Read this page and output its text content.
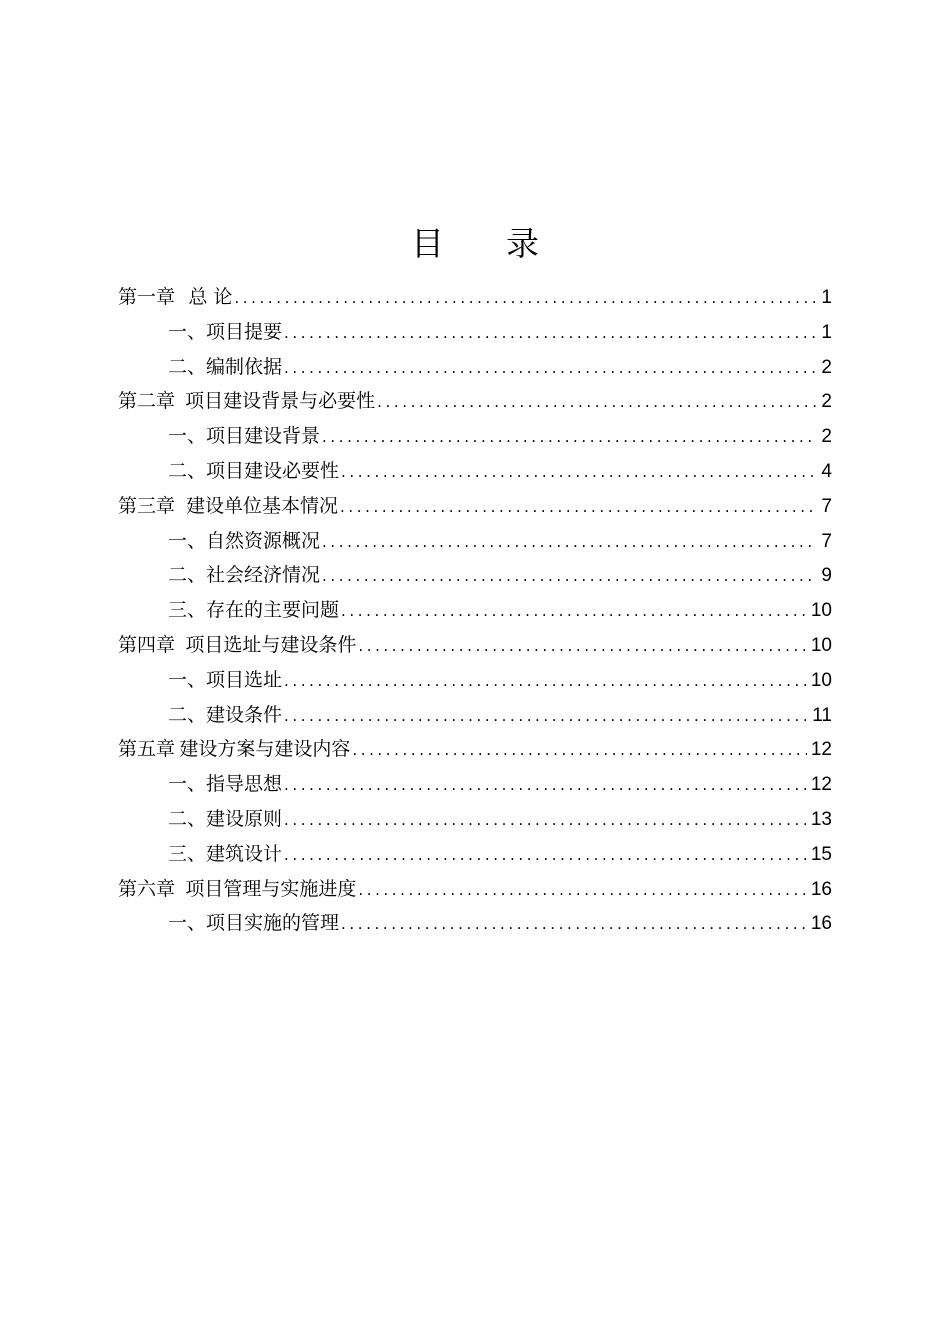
目 录
第一章 总 论 .....	1
一、项目提要 .....	1
二、编制依据 .....	2
第二章 项目建设背景与必要性 .....	2
一、项目建设背景 .....	2
二、项目建设必要性 .....	4
第三章 建设单位基本情况 .....	7
一、自然资源概况 .....	7
二、社会经济情况 .....	9
三、存在的主要问题 .....	10
第四章 项目选址与建设条件 .....	10
一、项目选址 .....	10
二、建设条件 .....	11
第五章 建设方案与建设内容 .....	12
一、指导思想 .....	12
二、建设原则 .....	13
三、建筑设计 .....	15
第六章 项目管理与实施进度 .....	16
一、项目实施的管理 .....	16
